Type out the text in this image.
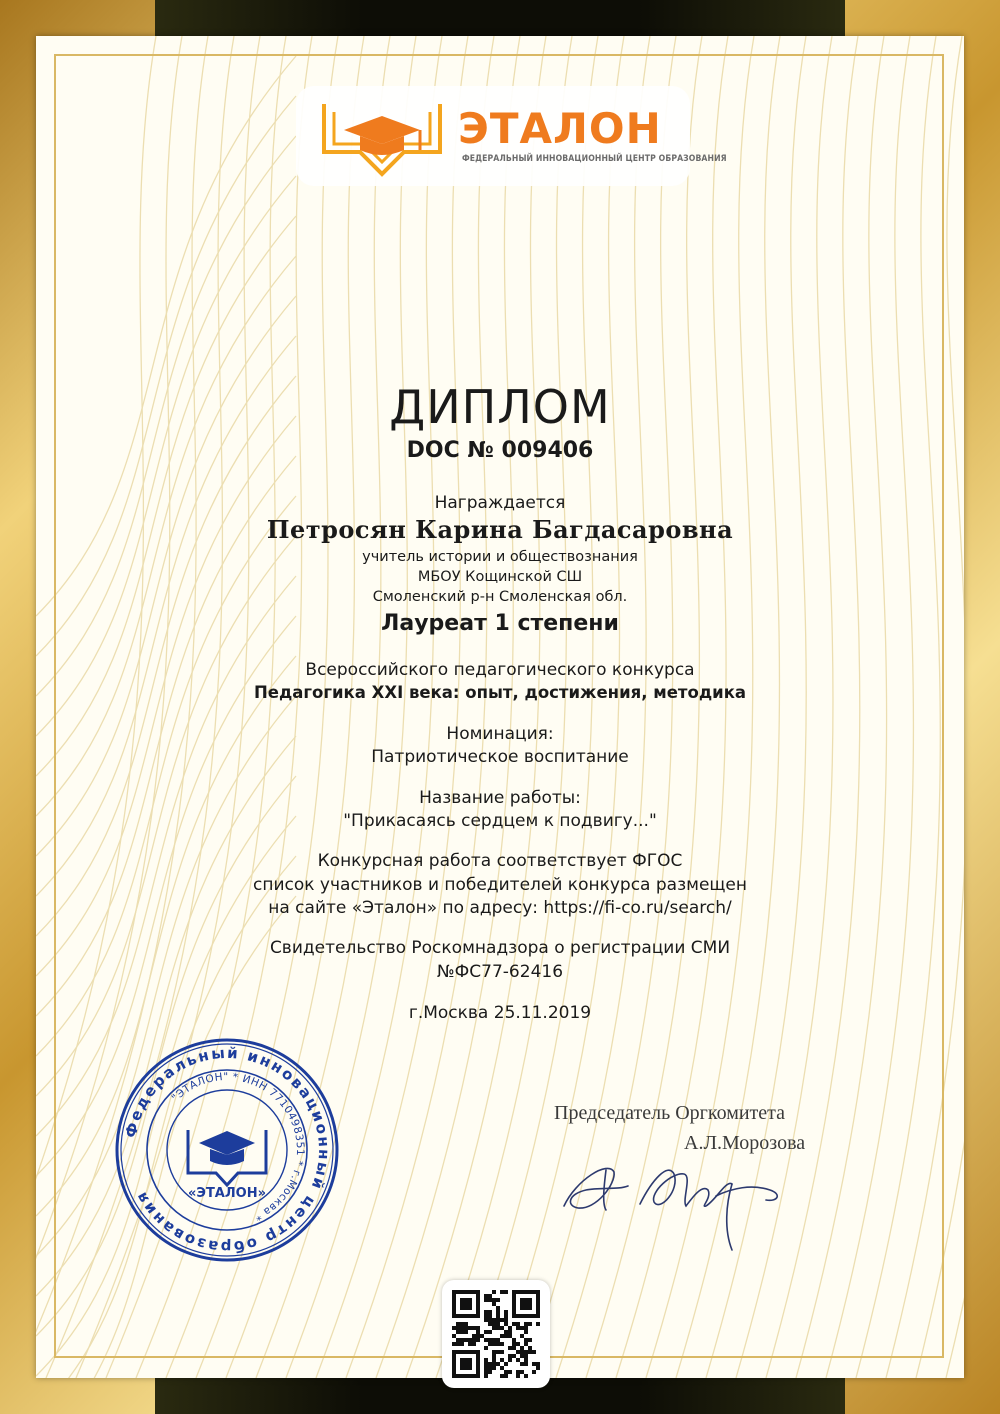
ЭТАЛОН
ФЕДЕРАЛЬНЫЙ ИННОВАЦИОННЫЙ ЦЕНТР ОБРАЗОВАНИЯ
ДИПЛОМ
DOC № 009406
Награждается
Петросян Карина Багдасаровна
учитель истории и обществознания
МБОУ Кощинской СШ
Смоленский р-н Смоленская обл.
Лауреат 1 степени
Всероссийского педагогического конкурса
Педагогика XXI века: опыт, достижения, методика
Номинация:
Патриотическое воспитание
Название работы:
"Прикасаясь сердцем к подвигу..."
Конкурсная работа соответствует ФГОС
список участников и победителей конкурса размещен
на сайте «Эталон» по адресу: https://fi-co.ru/search/
Свидетельство Роскомнадзора о регистрации СМИ
№ФС77-62416
г.Москва 25.11.2019
Федеральный инновационный центр образования
"ЭТАЛОН" * ИНН 7710498351 * г.Москва *
«ЭТАЛОН»
Председатель Оргкомитета
А.Л.Морозова
